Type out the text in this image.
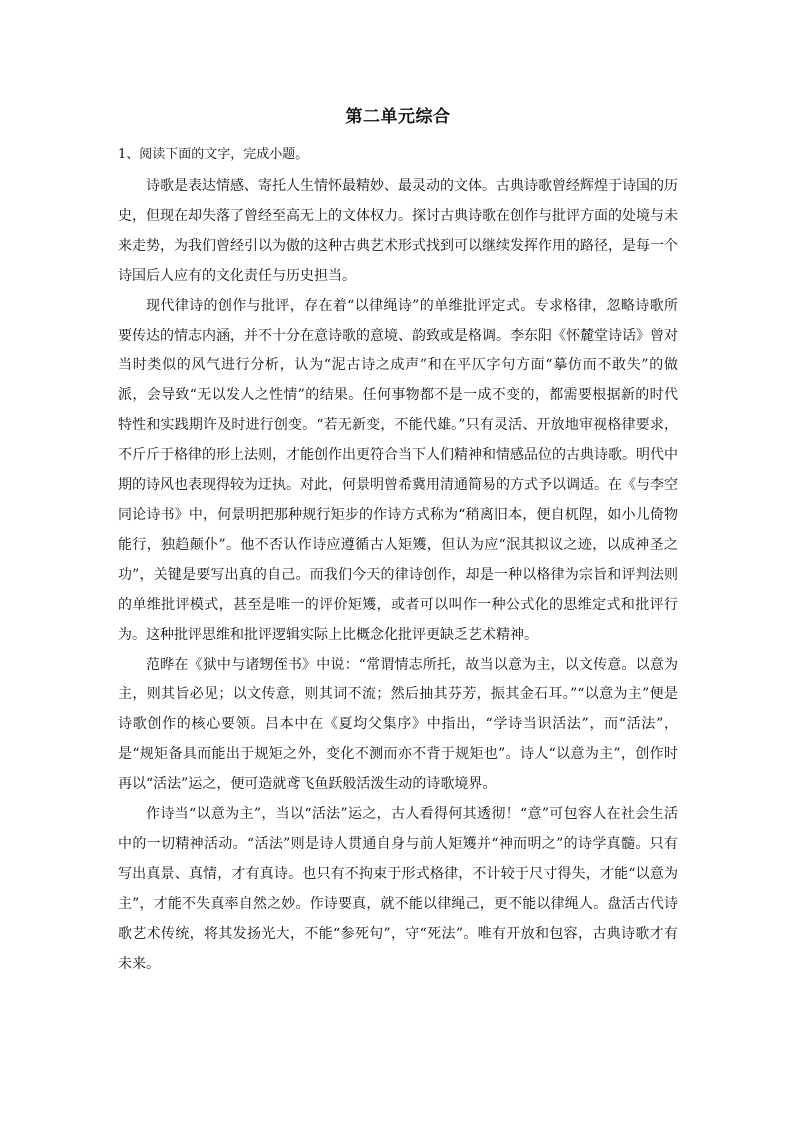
第二单元综合
1、阅读下面的文字，完成小题。

诗歌是表达情感、寄托人生情怀最精妙、最灵动的文体。古典诗歌曾经辉煌于诗国的历史，但现在却失落了曾经至高无上的文体权力。探讨古典诗歌在创作与批评方面的处境与未来走势，为我们曾经引以为傲的这种古典艺术形式找到可以继续发挥作用的路径，是每一个诗国后人应有的文化责任与历史担当。

现代律诗的创作与批评，存在着“以律绳诗”的单维批评定式。专求格律，忽略诗歌所要传达的情志内涵，并不十分在意诗歌的意境、韵致或是格调。李东阳《怀麓堂诗话》曾对当时类似的风气进行分析，认为“泥古诗之成声”和在平仄字句方面“摹仿而不敢失”的做派，会导致“无以发人之性情”的结果。任何事物都不是一成不变的，都需要根据新的时代特性和实践期许及时进行创变。“若无新变，不能代雄。”只有灵活、开放地审视格律要求，不斤斤于格律的形上法则，才能创作出更符合当下人们精神和情感品位的古典诗歌。明代中期的诗风也表现得较为迂执。对此，何景明曾希冀用清通简易的方式予以调适。在《与李空同论诗书》中，何景明把那种规行矩步的作诗方式称为“稍离旧本，便自杌陧，如小儿倚物能行，独趋颠仆”。他不否认作诗应遵循古人矩矱，但认为应“泯其拟议之迹，以成神圣之功”，关键是要写出真的自己。而我们今天的律诗创作，却是一种以格律为宗旨和评判法则的单维批评模式，甚至是唯一的评价矩矱，或者可以叫作一种公式化的思维定式和批评行为。这种批评思维和批评逻辑实际上比概念化批评更缺乏艺术精神。

范晔在《狱中与诸甥侄书》中说：“常谓情志所托，故当以意为主，以文传意。以意为主，则其旨必见；以文传意，则其词不流；然后抽其芬芳，振其金石耳。”“以意为主”便是诗歌创作的核心要领。吕本中在《夏均父集序》中指出，“学诗当识活法”，而“活法”，是“规矩备具而能出于规矩之外，变化不测而亦不背于规矩也”。诗人“以意为主”，创作时再以“活法”运之，便可造就鸢飞鱼跃般活泼生动的诗歌境界。

作诗当“以意为主”，当以“活法”运之，古人看得何其透彻！“意”可包容人在社会生活中的一切精神活动。“活法”则是诗人贯通自身与前人矩矱并“神而明之”的诗学真髓。只有写出真景、真情，才有真诗。也只有不拘束于形式格律，不计较于尺寸得失，才能“以意为主”，才能不失真率自然之妙。作诗要真，就不能以律绳己，更不能以律绳人。盘活古代诗歌艺术传统，将其发扬光大，不能“参死句”，守“死法”。唯有开放和包容，古典诗歌才有未来。
